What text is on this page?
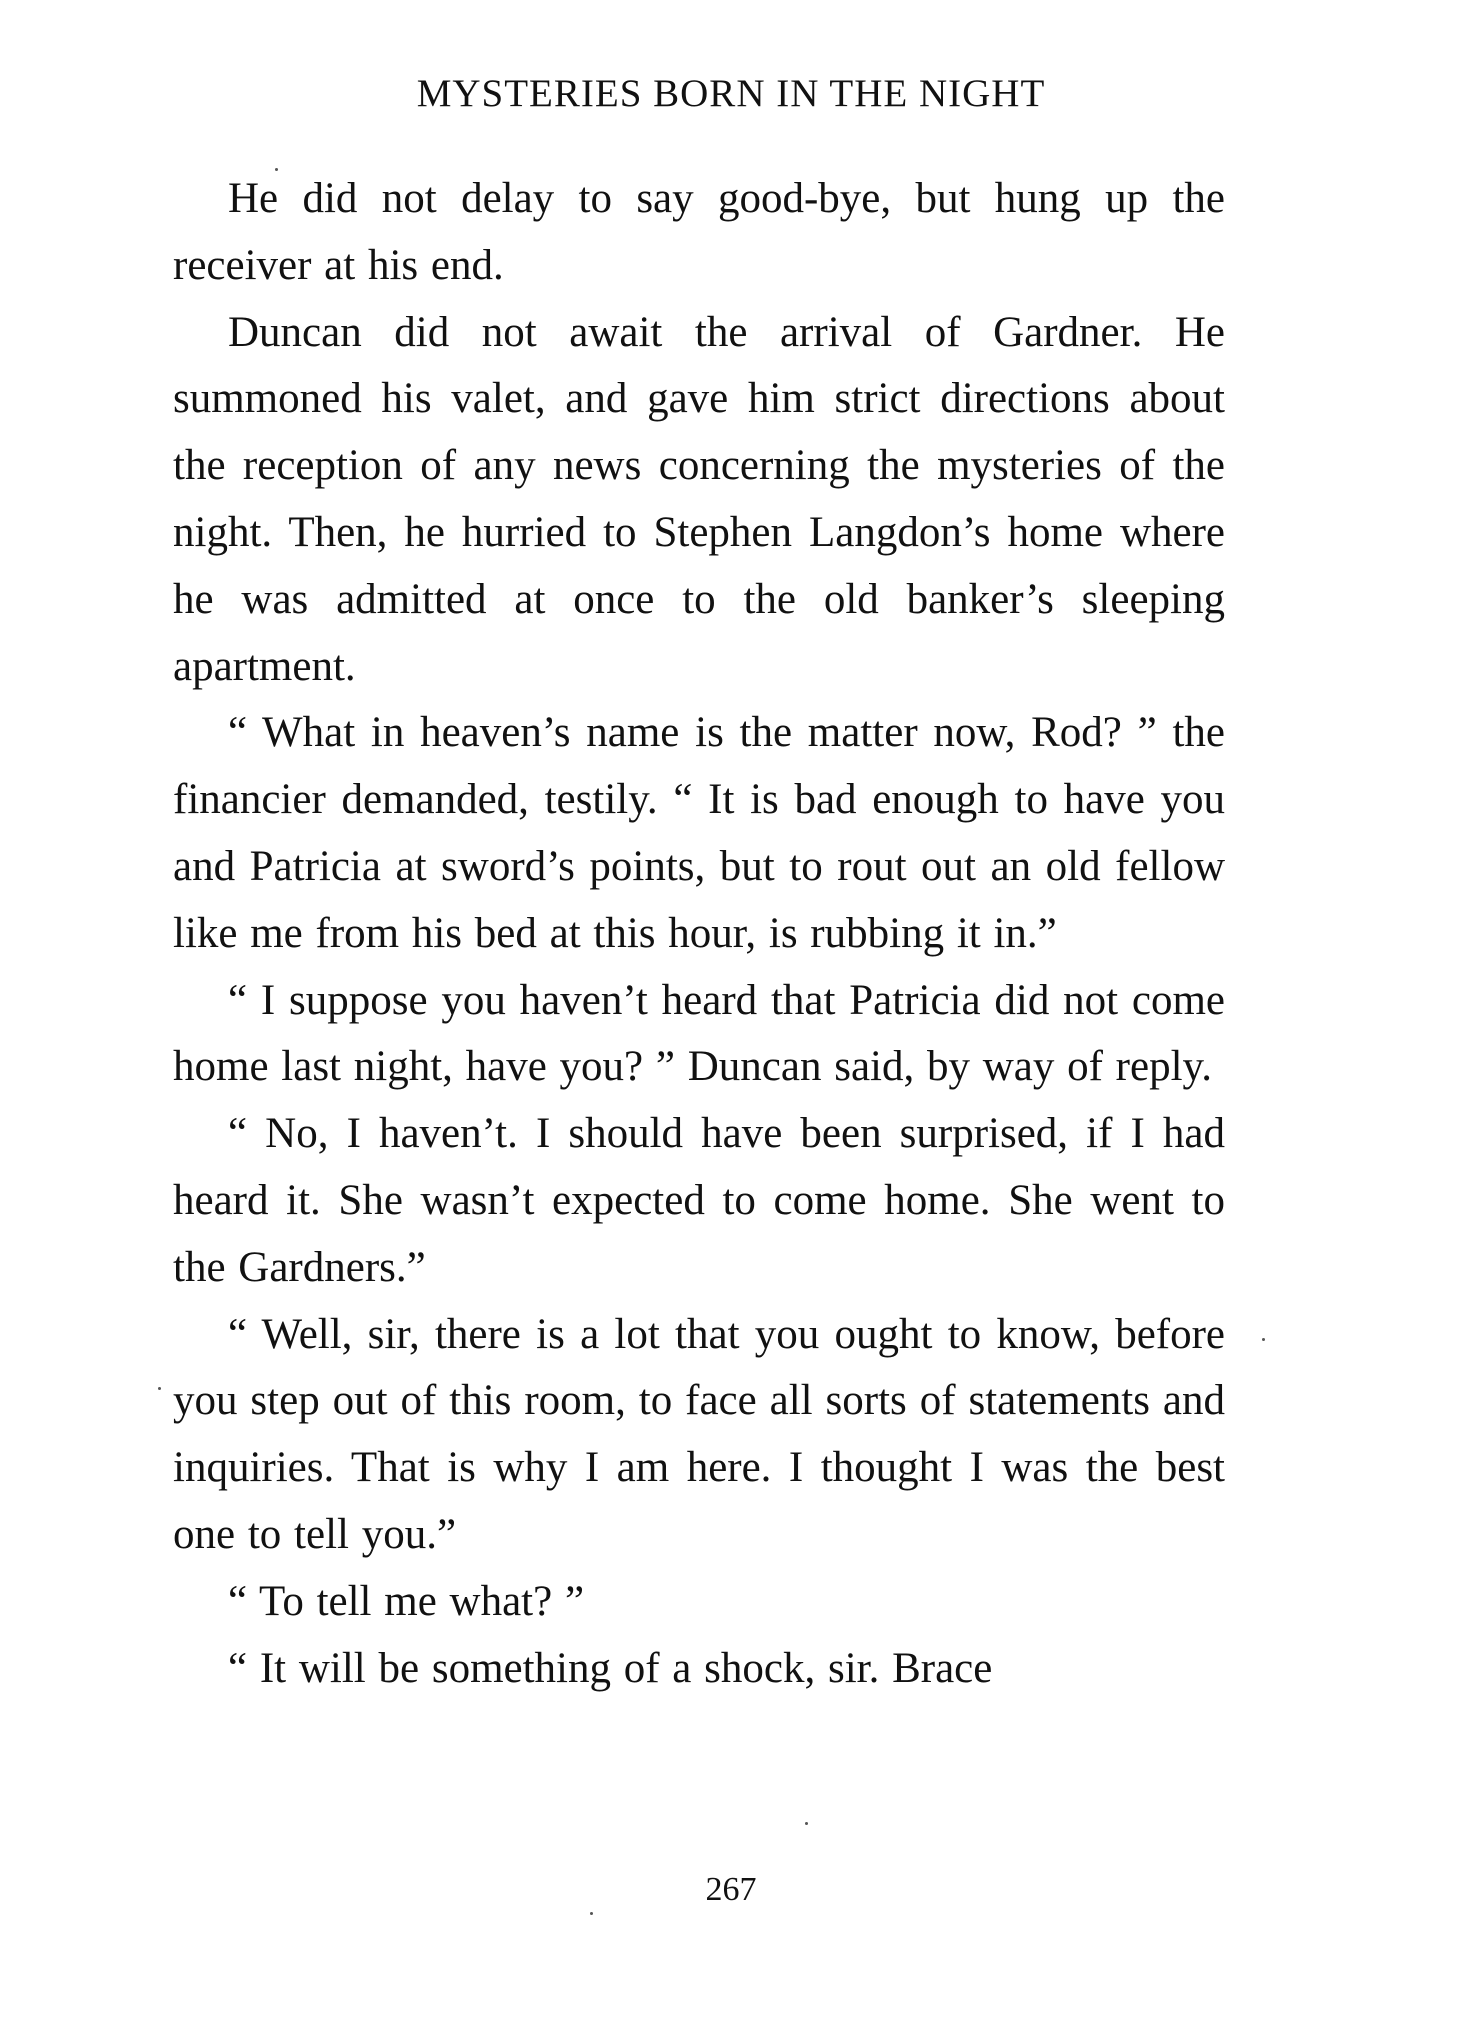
MYSTERIES BORN IN THE NIGHT

He did not delay to say good-bye, but hung up the receiver at his end.

Duncan did not await the arrival of Gardner. He summoned his valet, and gave him strict directions about the reception of any news concerning the mysteries of the night. Then, he hurried to Stephen Langdon’s home where he was admitted at once to the old banker’s sleeping apartment.

“ What in heaven’s name is the matter now, Rod? ” the financier demanded, testily. “ It is bad enough to have you and Patricia at sword’s points, but to rout out an old fellow like me from his bed at this hour, is rubbing it in.”

“ I suppose you haven’t heard that Patricia did not come home last night, have you? ” Duncan said, by way of reply.

“ No, I haven’t. I should have been surprised, if I had heard it. She wasn’t expected to come home. She went to the Gardners.”

“ Well, sir, there is a lot that you ought to know, before you step out of this room, to face all sorts of statements and inquiries. That is why I am here. I thought I was the best one to tell you.”

“ To tell me what? ”

“ It will be something of a shock, sir. Brace

267
